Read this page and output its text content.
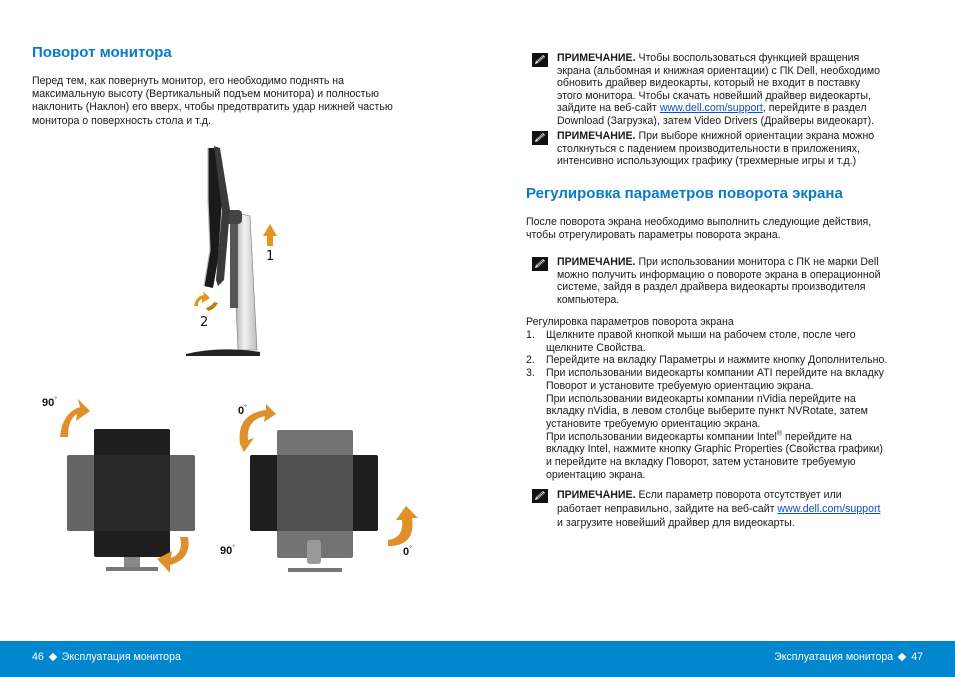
Поворот монитора
Перед тем, как повернуть монитор, его необходимо поднять на
максимальную высоту (Вертикальный подъем монитора) и полностью
наклонить (Наклон) его вверх, чтобы предотвратить удар нижней частью
монитора о поверхность стола и т.д.
1
2
90°
90°
0°
0°
ПРИМЕЧАНИЕ. Чтобы воспользоваться функцией вращения
экрана (альбомная и книжная ориентации) с ПК Dell, необходимо
обновить драйвер видеокарты, который не входит в поставку
этого монитора. Чтобы скачать новейший драйвер видеокарты,
зайдите на веб-сайт www.dell.com/support, перейдите в раздел
Download (Загрузка), затем Video Drivers (Драйверы видеокарт).
ПРИМЕЧАНИЕ. При выборе книжной ориентации экрана можно
столкнуться с падением производительности в приложениях,
интенсивно использующих графику (трехмерные игры и т.д.)
Регулировка параметров поворота экрана
После поворота экрана необходимо выполнить следующие действия,
чтобы отрегулировать параметры поворота экрана.
ПРИМЕЧАНИЕ. При использовании монитора с ПК не марки Dell
можно получить информацию о повороте экрана в операционной
системе, зайдя в раздел драйвера видеокарты производителя
компьютера.
Регулировка параметров поворота экрана
1.	Щелкните правой кнопкой мыши на рабочем столе, после чего
щелкните Свойства.
2.	Перейдите на вкладку Параметры и нажмите кнопку Дополнительно.
3.	При использовании видеокарты компании ATI перейдите на вкладку
Поворот и установите требуемую ориентацию экрана.
При использовании видеокарты компании nVidia перейдите на
вкладку nVidia, в левом столбце выберите пункт NVRotate, затем
установите требуемую ориентацию экрана.
При использовании видеокарты компании Intel® перейдите на
вкладку Intel, нажмите кнопку Graphic Properties (Свойства графики)
и перейдите на вкладку Поворот, затем установите требуемую
ориентацию экрана.
ПРИМЕЧАНИЕ. Если параметр поворота отсутствует или
работает неправильно, зайдите на веб-сайт www.dell.com/support
и загрузите новейший драйвер для видеокарты.
46 Эксплуатация монитора	Эксплуатация монитора 47
